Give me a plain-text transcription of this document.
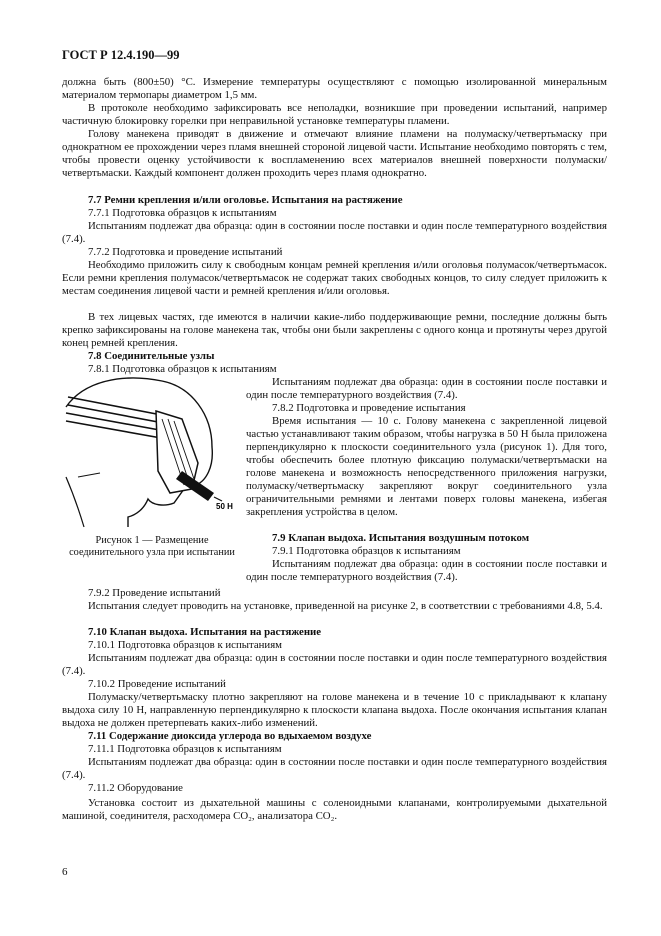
ГОСТ Р 12.4.190—99
должна быть (800±50) °С. Измерение температуры осуществляют с помощью изолированной минеральным материалом термопары диаметром 1,5 мм.
В протоколе необходимо зафиксировать все неполадки, возникшие при проведении испытаний, например частичную блокировку горелки при неправильной установке температуры пламени.
Голову манекена приводят в движение и отмечают влияние пламени на полумаску/четвертьмаску при однократном ее прохождении через пламя внешней стороной лицевой части. Испытание необходимо повторять с тем, чтобы провести оценку устойчивости к воспламенению всех материалов внешней поверхности полумаски/четвертьмаски. Каждый компонент должен проходить через пламя однократно.
7.7 Ремни крепления и/или оголовье. Испытания на растяжение
7.7.1 Подготовка образцов к испытаниям
Испытаниям подлежат два образца: один в состоянии после поставки и один после температурного воздействия (7.4).
7.7.2 Подготовка и проведение испытаний
Необходимо приложить силу к свободным концам ремней крепления и/или оголовья полумасок/четвертьмасок. Если ремни крепления полумасок/четвертьмасок не содержат таких свободных концов, то силу следует приложить к местам соединения лицевой части и ремней крепления и/или оголовья.
В тех лицевых частях, где имеются в наличии какие-либо поддерживающие ремни, последние должны быть крепко зафиксированы на голове манекена так, чтобы они были закреплены с одного конца и протянуты через другой конец ремней крепления.
7.8 Соединительные узлы
7.8.1 Подготовка образцов к испытаниям
50 Н
Испытаниям подлежат два образца: один в состоянии после поставки и один после температурного воздействия (7.4).
7.8.2 Подготовка и проведение испытания
Время испытания — 10 с. Голову манекена с закрепленной лицевой частью устанавливают таким образом, чтобы нагрузка в 50 Н была приложена перпендикулярно к плоскости соединительного узла (рисунок 1). Для того, чтобы обеспечить более плотную фиксацию полумаски/четвертьмаски на голове манекена и возможность непосредственного приложения нагрузки, полумаску/четвертьмаску закрепляют вокруг соединительного узла ограничительными ремнями и лентами поверх головы манекена, избегая закрепления устройства в целом.
7.9 Клапан выдоха. Испытания воздушным потоком
7.9.1 Подготовка образцов к испытаниям
Испытаниям подлежат два образца: один в состоянии после поставки и один после температурного воздействия (7.4).
Рисунок 1 — Размещение соединительного узла при испытании
7.9.2 Проведение испытаний
Испытания следует проводить на установке, приведенной на рисунке 2, в соответствии с требованиями 4.8, 5.4.
7.10 Клапан выдоха. Испытания на растяжение
7.10.1 Подготовка образцов к испытаниям
Испытаниям подлежат два образца: один в состоянии после поставки и один после температурного воздействия (7.4).
7.10.2 Проведение испытаний
Полумаску/четвертьмаску плотно закрепляют на голове манекена и в течение 10 с прикладывают к клапану выдоха силу 10 Н, направленную перпендикулярно к плоскости клапана выдоха. После окончания испытания клапан выдоха не должен претерпевать каких-либо изменений.
7.11 Содержание диоксида углерода во вдыхаемом воздухе
7.11.1 Подготовка образцов к испытаниям
Испытаниям подлежат два образца: один в состоянии после поставки и один после температурного воздействия (7.4).
7.11.2 Оборудование
Установка состоит из дыхательной машины с соленоидными клапанами, контролируемыми дыхательной машиной, соединителя, расходомера CO₂, анализатора CO₂.
6
